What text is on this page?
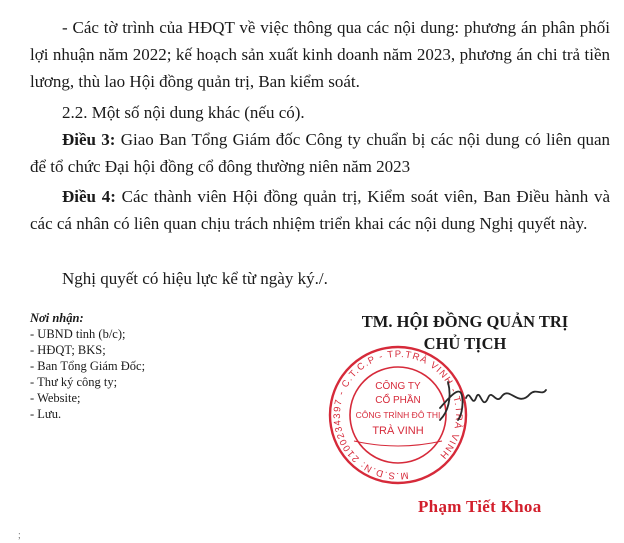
- Các tờ trình của HĐQT về việc thông qua các nội dung: phương án phân phối lợi nhuận năm 2022; kế hoạch sản xuất kinh doanh năm 2023, phương án chi trả tiền lương, thù lao Hội đồng quản trị, Ban kiểm soát.

2.2. Một số nội dung khác (nếu có).

Điều 3: Giao Ban Tổng Giám đốc Công ty chuẩn bị các nội dung có liên quan để tổ chức Đại hội đồng cổ đông thường niên năm 2023

Điều 4: Các thành viên Hội đồng quản trị, Kiểm soát viên, Ban Điều hành và các cá nhân có liên quan chịu trách nhiệm triển khai các nội dung Nghị quyết này.

Nghị quyết có hiệu lực kể từ ngày ký./.

Nơi nhận:
- UBND tỉnh (b/c);
- HĐQT; BKS;
- Ban Tổng Giám Đốc;
- Thư ký công ty;
- Website;
- Lưu.
TM. HỘI ĐỒNG QUẢN TRỊ
CHỦ TỊCH
M.S.D.N: 2100234397 - C.T.C.P - TP.TRÀ VINH - T.TRÀ VINH
CÔNG TY
CỔ PHẦN
CÔNG TRÌNH ĐÔ THỊ
TRÀ VINH
Phạm Tiết Khoa
;
